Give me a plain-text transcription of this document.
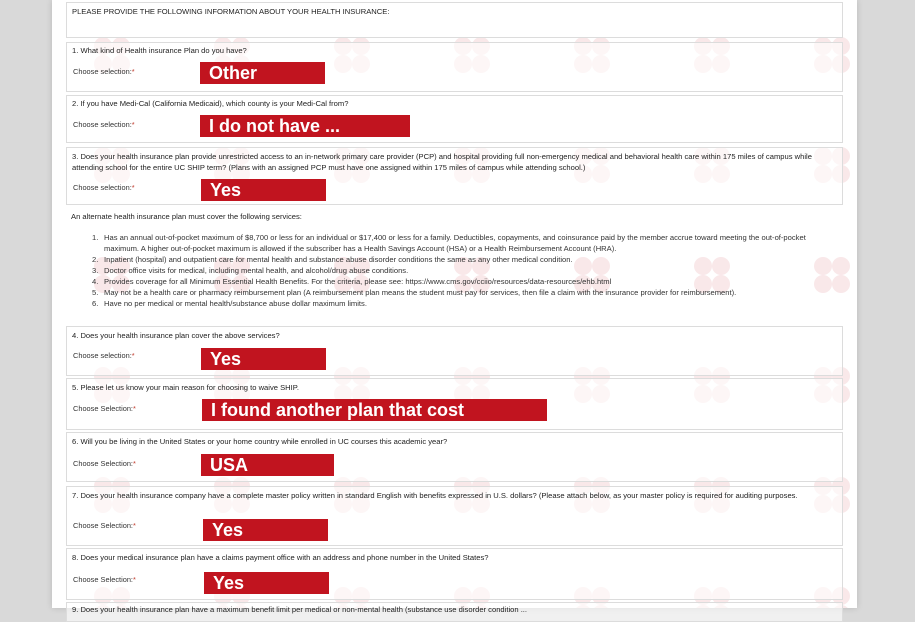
PLEASE PROVIDE THE FOLLOWING INFORMATION ABOUT YOUR HEALTH INSURANCE:
1. What kind of Health insurance Plan do you have?
Choose selection:*	Other
2. If you have Medi-Cal (California Medicaid), which county is your Medi-Cal from?
Choose selection:*	I do not have ...
3. Does your health insurance plan provide unrestricted access to an in-network primary care provider (PCP) and hospital providing full non-emergency medical and behavioral health care within 175 miles of campus while attending school for the entire UC SHIP term? (Plans with an assigned PCP must have one assigned within 175 miles of campus while attending school.)
Choose selection:*	Yes
An alternate health insurance plan must cover the following services:
1. Has an annual out-of-pocket maximum of $8,700 or less for an individual or $17,400 or less for a family. Deductibles, copayments, and coinsurance paid by the member accrue toward meeting the out-of-pocket maximum. A higher out-of-pocket maximum is allowed if the subscriber has a Health Savings Account (HSA) or a Health Reimbursement Account (HRA).
2. Inpatient (hospital) and outpatient care for mental health and substance abuse disorder conditions the same as any other medical condition.
3. Doctor office visits for medical, including mental health, and alcohol/drug abuse conditions.
4. Provides coverage for all Minimum Essential Health Benefits. For the criteria, please see: https://www.cms.gov/cciio/resources/data-resources/ehb.html
5. May not be a health care or pharmacy reimbursement plan (A reimbursement plan means the student must pay for services, then file a claim with the insurance provider for reimbursement).
6. Have no per medical or mental health/substance abuse dollar maximum limits.
4. Does your health insurance plan cover the above services?
Choose selection:*	Yes
5. Please let us know your main reason for choosing to waive SHIP.
Choose Selection:*	I found another plan that cost
6. Will you be living in the United States or your home country while enrolled in UC courses this academic year?
Choose Selection:*	USA
7. Does your health insurance company have a complete master policy written in standard English with benefits expressed in U.S. dollars? (Please attach below, as your master policy is required for auditing purposes.
Choose Selection:*	Yes
8. Does your medical insurance plan have a claims payment office with an address and phone number in the United States?
Choose Selection:*	Yes
9. Does your health insurance plan have a maximum benefit limit per medical or non-mental health (substance use disorder condition ...
